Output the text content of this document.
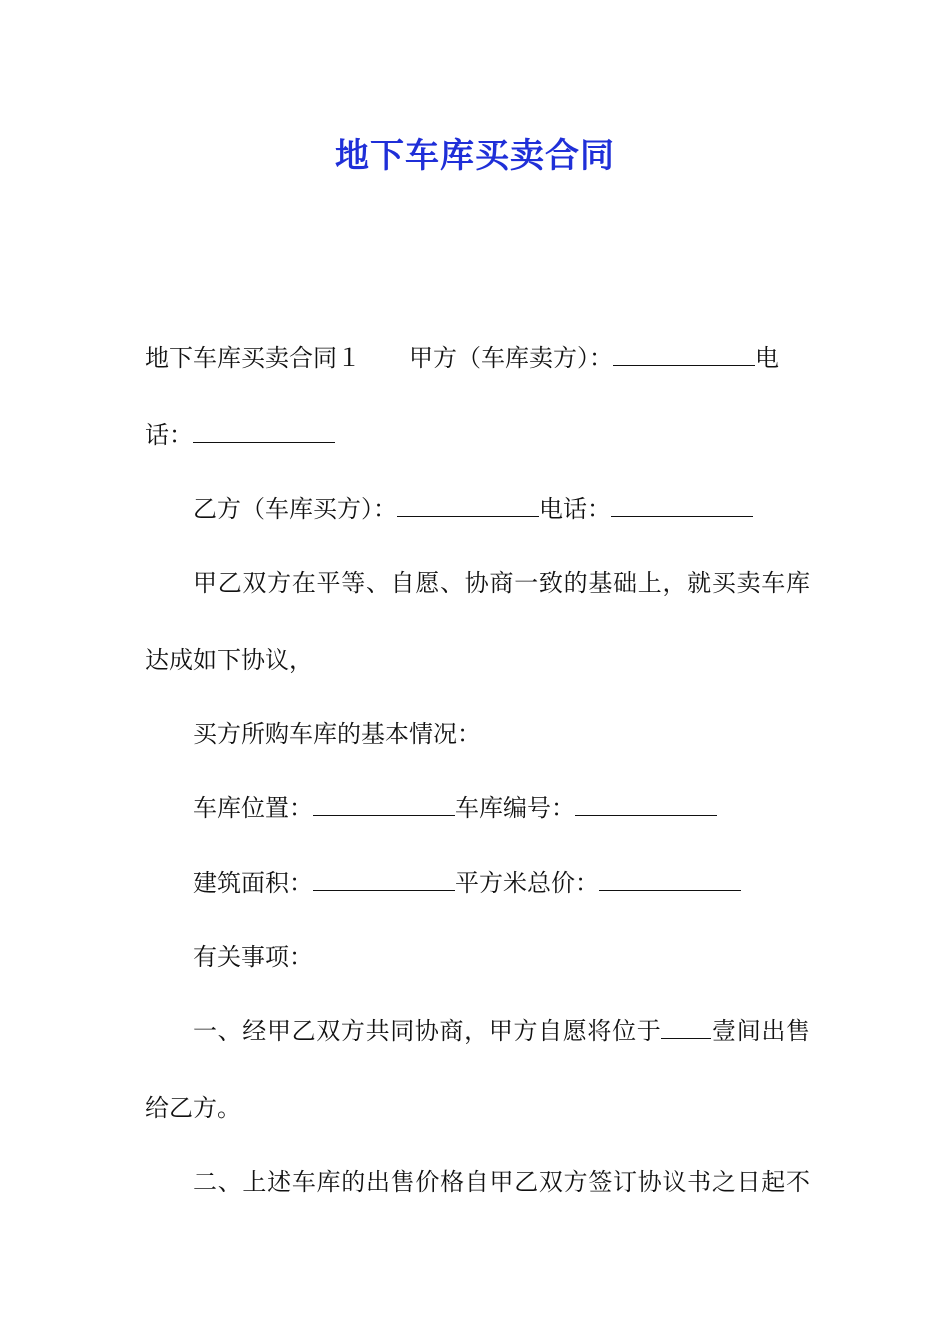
地下车库买卖合同
地下车库买卖合同１ 甲方（车库卖方）：	电
话：
乙方（车库买方）：	电话：
甲乙双方在平等、自愿、协商一致的基础上，就买卖车库
达成如下协议，
买方所购车库的基本情况：
车库位置：	车库编号：
建筑面积：	平方米总价：
有关事项：
一、经甲乙双方共同协商，甲方自愿将位于 壹间出售
给乙方。
二、上述车库的出售价格自甲乙双方签订协议书之日起不
